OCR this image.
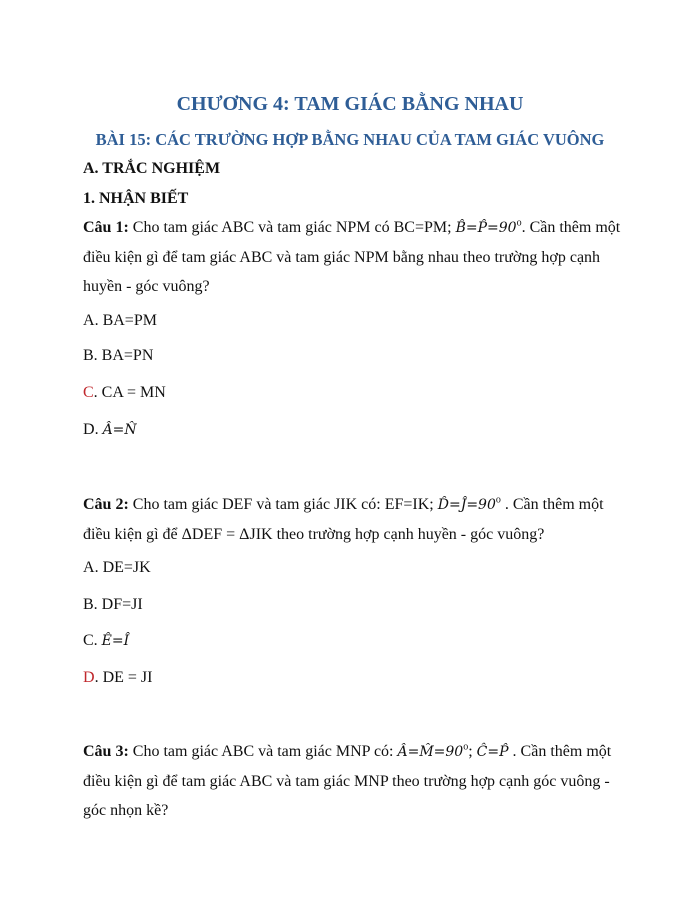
CHƯƠNG 4: TAM GIÁC BẰNG NHAU
BÀI 15: CÁC TRƯỜNG HỢP BẰNG NHAU CỦA TAM GIÁC VUÔNG
A. TRẮC NGHIỆM
1. NHẬN BIẾT

Câu 1: Cho tam giác ABC và tam giác NPM có BC=PM; $B̂=P̂=90^o$. Cần thêm một điều kiện gì để tam giác ABC và tam giác NPM bằng nhau theo trường hợp cạnh huyền - góc vuông?

A. BA=PM
B. BA=PN
C. CA = MN
D. Â=N̂

Câu 2: Cho tam giác DEF và tam giác JIK có: EF=IK; $D̂=Ĵ=90^o$ . Cần thêm một điều kiện gì để ΔDEF = ΔJIK theo trường hợp cạnh huyền - góc vuông?

A. DE=JK
B. DF=JI
C. Ê=Î
D. DE = JI

Câu 3: Cho tam giác ABC và tam giác MNP có: $Â=M̂=90^o$; Ĉ=P̂ . Cần thêm một điều kiện gì để tam giác ABC và tam giác MNP theo trường hợp cạnh góc vuông - góc nhọn kề?
